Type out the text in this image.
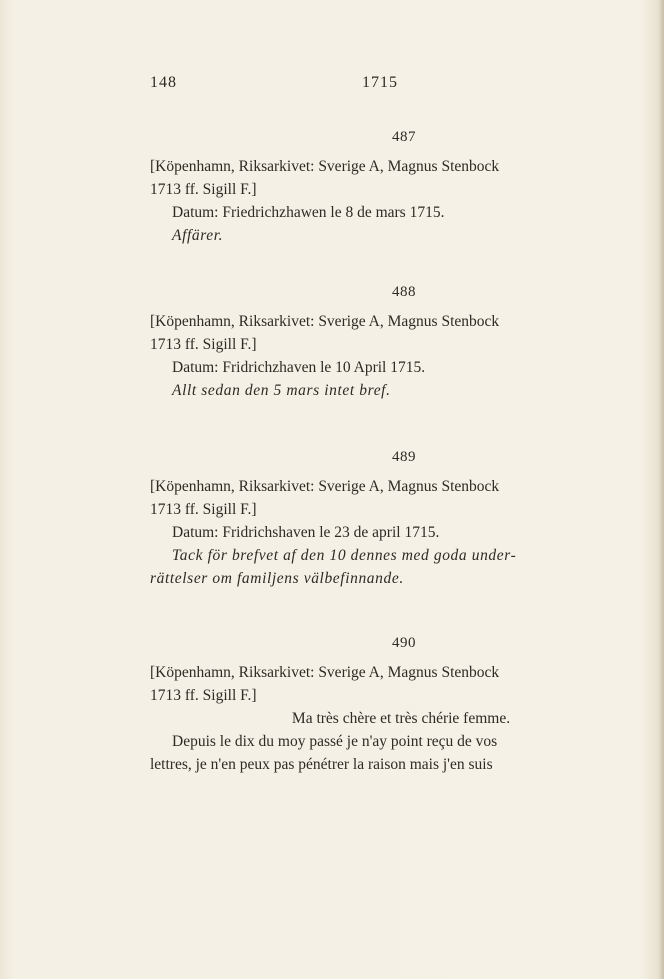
148	1715
487
[Köpenhamn, Riksarkivet: Sverige A, Magnus Stenbock
1713 ff. Sigill F.]
Datum: Friedrichzhawen le 8 de mars 1715.
Affärer.
488
[Köpenhamn, Riksarkivet: Sverige A, Magnus Stenbock
1713 ff. Sigill F.]
Datum: Fridrichzhaven le 10 April 1715.
Allt sedan den 5 mars intet bref.
489
[Köpenhamn, Riksarkivet: Sverige A, Magnus Stenbock
1713 ff. Sigill F.]
Datum: Fridrichshaven le 23 de april 1715.
Tack för brefvet af den 10 dennes med goda under-
rättelser om familjens välbefinnande.
490
[Köpenhamn, Riksarkivet: Sverige A, Magnus Stenbock
1713 ff. Sigill F.]
Ma très chère et très chérie femme.
Depuis le dix du moy passé je n'ay point reçu de vos
lettres, je n'en peux pas pénétrer la raison mais j'en suis
